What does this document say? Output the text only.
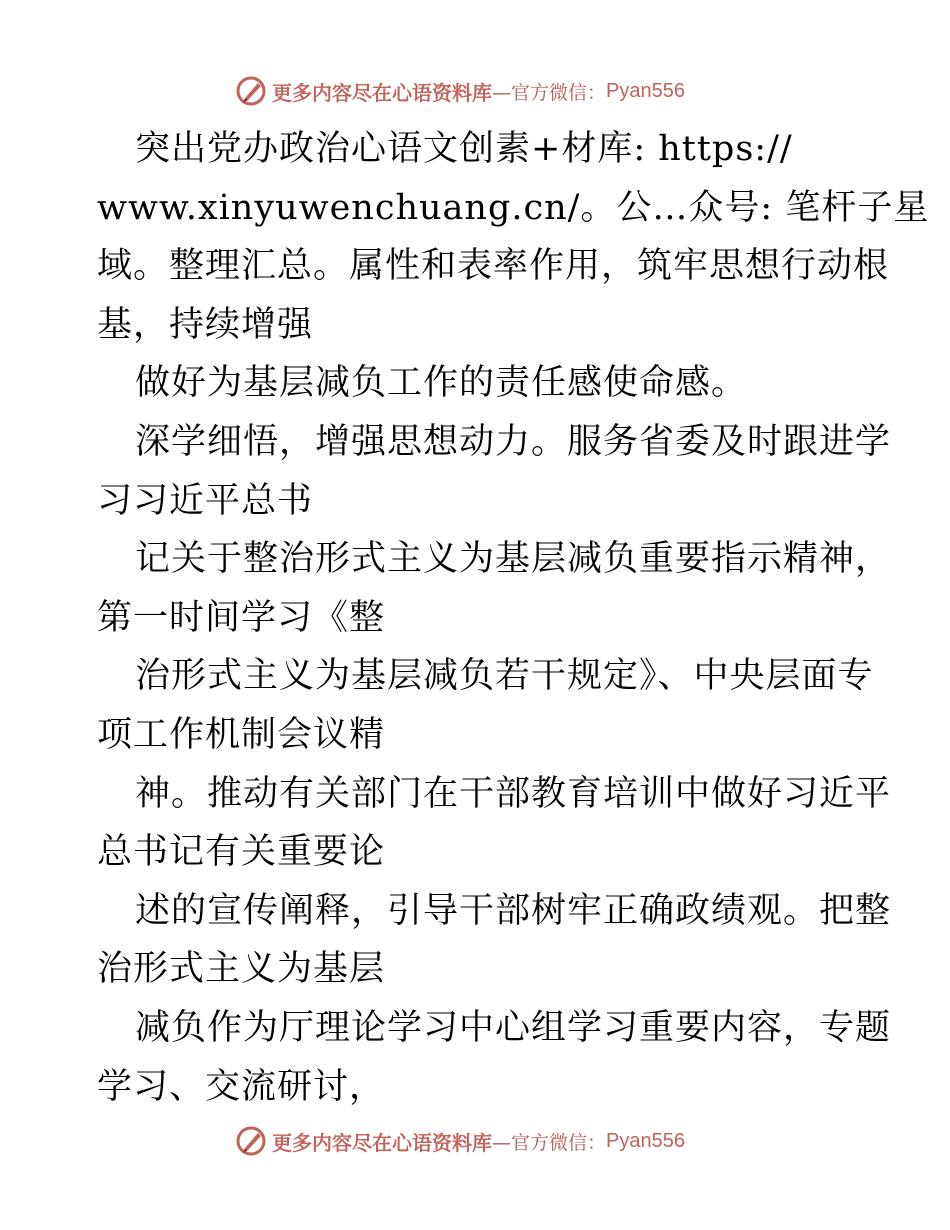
更多内容尽在心语资料库 —官方微信： Pyan556
突出党办政治心语文创素+材库: https://
www.xinyuwenchuang.cn/。公…众号: 笔杆子星
域。整理汇总。属性和表率作用，筑牢思想行动根
基，持续增强
做好为基层减负工作的责任感使命感。
深学细悟，增强思想动力。服务省委及时跟进学
习习近平总书
记关于整治形式主义为基层减负重要指示精神，
第一时间学习《整
治形式主义为基层减负若干规定》、中央层面专
项工作机制会议精
神。推动有关部门在干部教育培训中做好习近平
总书记有关重要论
述的宣传阐释，引导干部树牢正确政绩观。把整
治形式主义为基层
减负作为厅理论学习中心组学习重要内容，专题
学习、交流研讨，
更多内容尽在心语资料库 —官方微信： Pyan556
